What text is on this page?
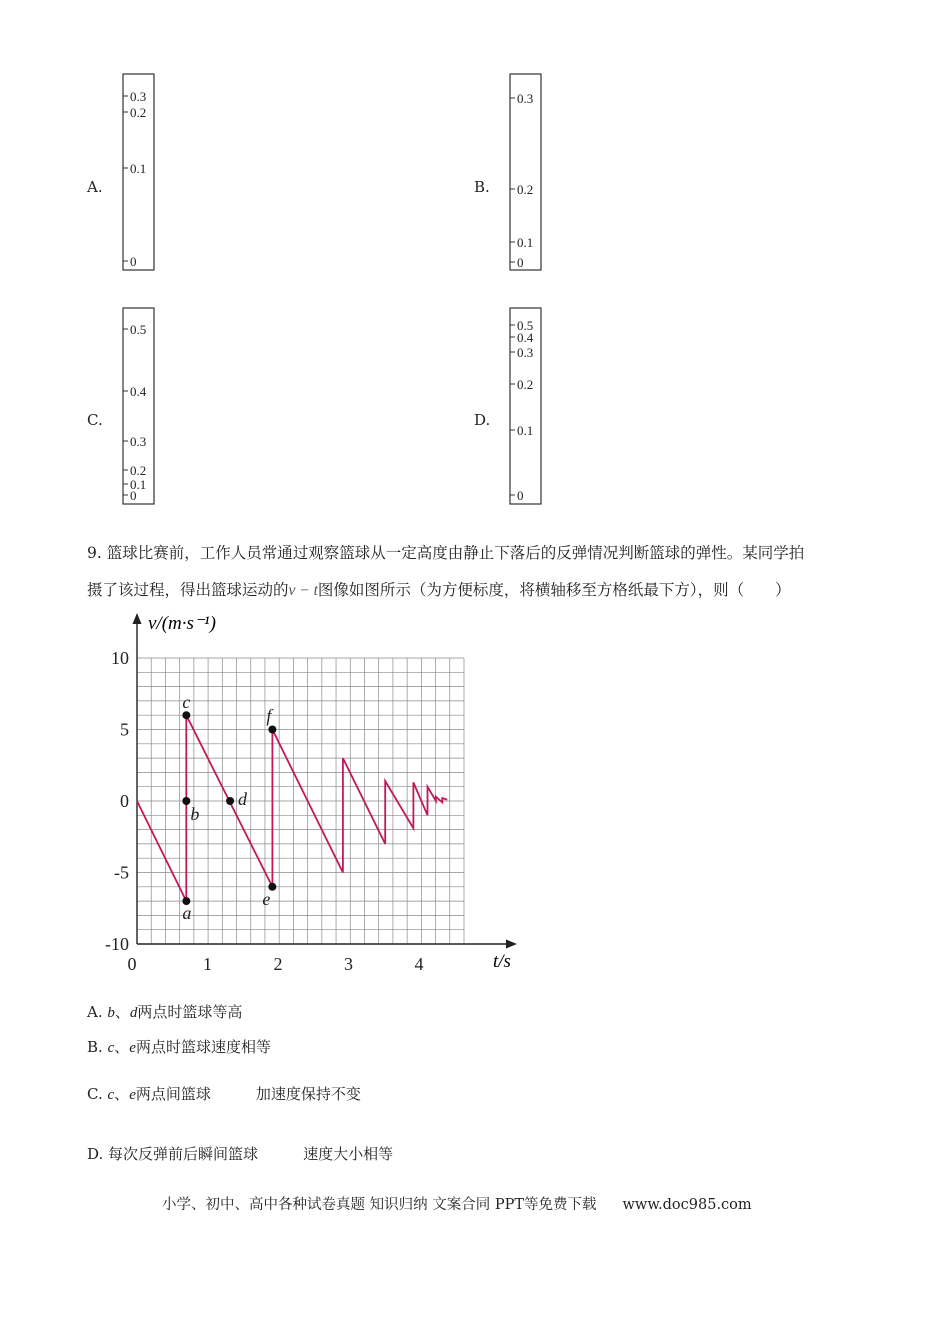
A.
0.3
0.2
0.1
0
B.
0.3
0.2
0.1
0
C.
0.5
0.4
0.3
0.2
0.1
0
D.
0.5
0.4
0.3
0.2
0.1
0
9. 篮球比赛前，工作人员常通过观察篮球从一定高度由静止下落后的反弹情况判断篮球的弹性。某同学拍
摄了该过程，得出篮球运动的v − t图像如图所示（为方便标度，将横轴移至方格纸最下方），则（　　）
10
5
0
-5
-10
0	1	2	3	4
a
b
c
d
e
f
v/(m·s⁻¹)
t/s
A. b、d两点时篮球等高
B. c、e两点时篮球速度相等
C. c、e两点间篮球	加速度保持不变
D. 每次反弹前后瞬间篮球	速度大小相等
小学、初中、高中各种试卷真题 知识归纳 文案合同 PPT等免费下载 www.doc985.com
